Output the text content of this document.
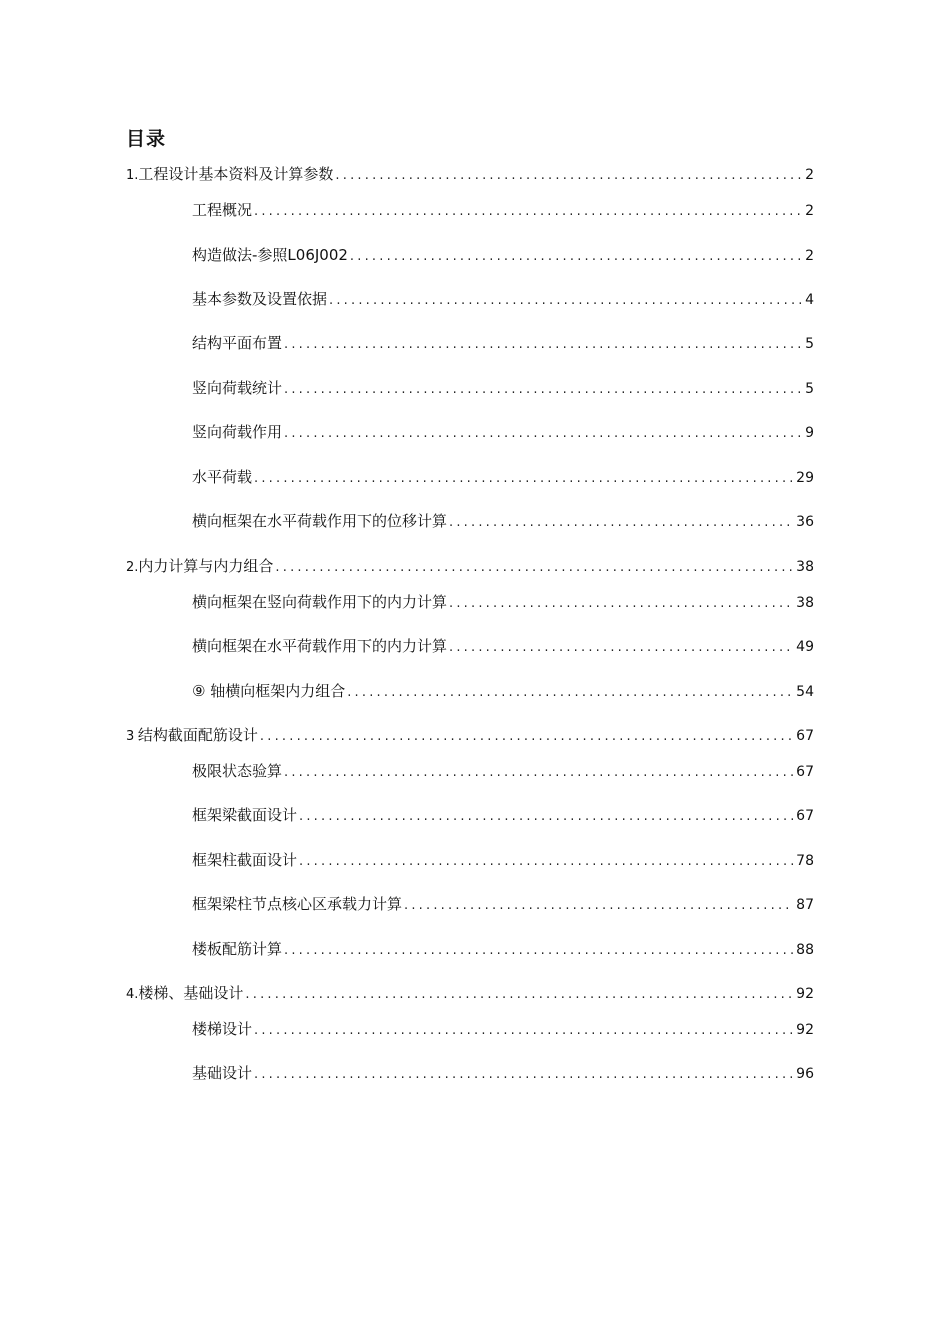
目录
1. 工程设计基本资料及计算参数 .....	2
工程概况 .....	2
构造做法-参照L06J002 .....	2
基本参数及设置依据 .....	4
结构平面布置 .....	5
竖向荷载统计 .....	5
竖向荷载作用 .....	9
水平荷载 .....	29
横向框架在水平荷载作用下的位移计算 .....	36
2. 内力计算与内力组合 .....	38
横向框架在竖向荷载作用下的内力计算 .....	38
横向框架在水平荷载作用下的内力计算 .....	49
⑨ 轴横向框架内力组合 .....	54
3 结构截面配筋设计 .....	67
极限状态验算 .....	67
框架梁截面设计 .....	67
框架柱截面设计 .....	78
框架梁柱节点核心区承载力计算 .....	87
楼板配筋计算 .....	88
4. 楼梯、基础设计 .....	92
楼梯设计 .....	92
基础设计 .....	96
